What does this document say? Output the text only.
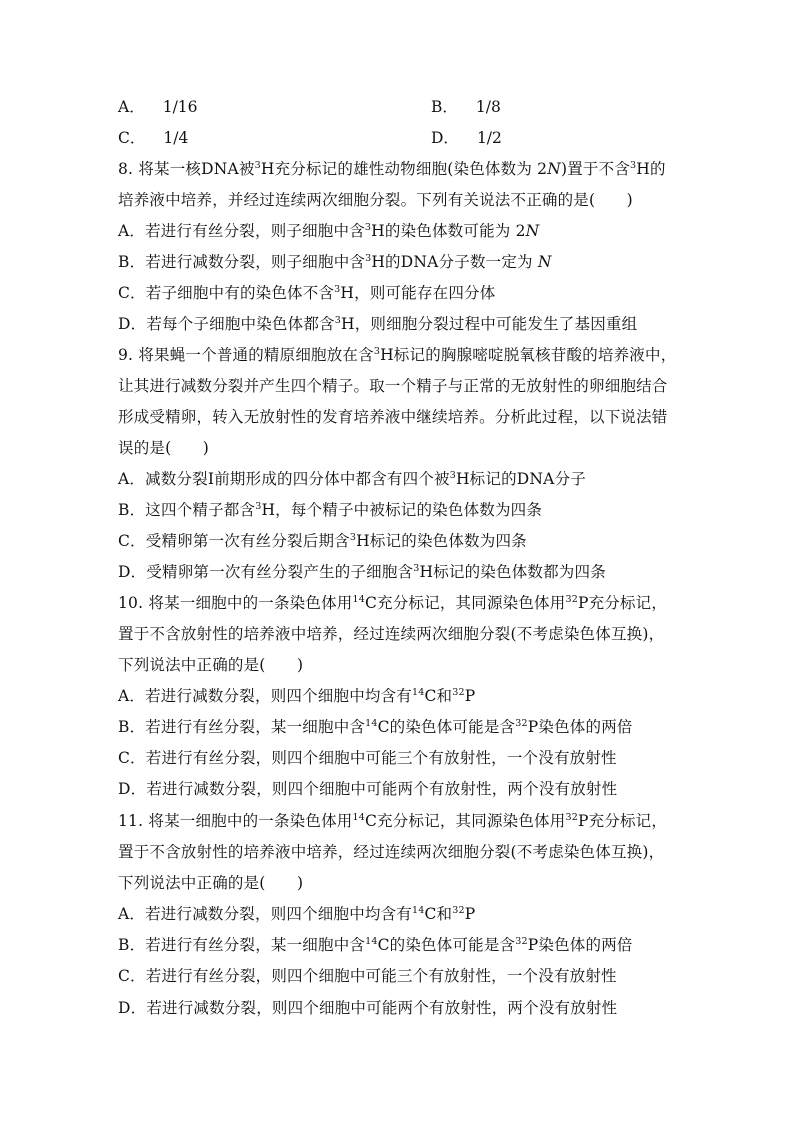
A． 1/16	B． 1/8
C． 1/4	D． 1/2
8. 将某一核DNA被$^3$H充分标记的雄性动物细胞(染色体数为 2N)置于不含$^3$H的
培养液中培养，并经过连续两次细胞分裂。下列有关说法不正确的是(　　)
A．若进行有丝分裂，则子细胞中含$^3$H的染色体数可能为 2N
B．若进行减数分裂，则子细胞中含$^3$H的DNA分子数一定为 N
C．若子细胞中有的染色体不含$^3$H，则可能存在四分体
D．若每个子细胞中染色体都含$^3$H，则细胞分裂过程中可能发生了基因重组
9. 将果蝇一个普通的精原细胞放在含$^3$H标记的胸腺嘧啶脱氧核苷酸的培养液中，
让其进行减数分裂并产生四个精子。取一个精子与正常的无放射性的卵细胞结合
形成受精卵，转入无放射性的发育培养液中继续培养。分析此过程，以下说法错
误的是(　　)
A．减数分裂Ⅰ前期形成的四分体中都含有四个被$^3$H标记的DNA分子
B．这四个精子都含$^3$H，每个精子中被标记的染色体数为四条
C．受精卵第一次有丝分裂后期含$^3$H标记的染色体数为四条
D．受精卵第一次有丝分裂产生的子细胞含$^3$H标记的染色体数都为四条
10. 将某一细胞中的一条染色体用$^{14}$C充分标记，其同源染色体用$^{32}$P充分标记，
置于不含放射性的培养液中培养，经过连续两次细胞分裂(不考虑染色体互换)，
下列说法中正确的是(　　)
A．若进行减数分裂，则四个细胞中均含有$^{14}$C和$^{32}$P
B．若进行有丝分裂，某一细胞中含$^{14}$C的染色体可能是含$^{32}$P染色体的两倍
C．若进行有丝分裂，则四个细胞中可能三个有放射性，一个没有放射性
D．若进行减数分裂，则四个细胞中可能两个有放射性，两个没有放射性
11. 将某一细胞中的一条染色体用$^{14}$C充分标记，其同源染色体用$^{32}$P充分标记，
置于不含放射性的培养液中培养，经过连续两次细胞分裂(不考虑染色体互换)，
下列说法中正确的是(　　)
A．若进行减数分裂，则四个细胞中均含有$^{14}$C和$^{32}$P
B．若进行有丝分裂，某一细胞中含$^{14}$C的染色体可能是含$^{32}$P染色体的两倍
C．若进行有丝分裂，则四个细胞中可能三个有放射性，一个没有放射性
D．若进行减数分裂，则四个细胞中可能两个有放射性，两个没有放射性
